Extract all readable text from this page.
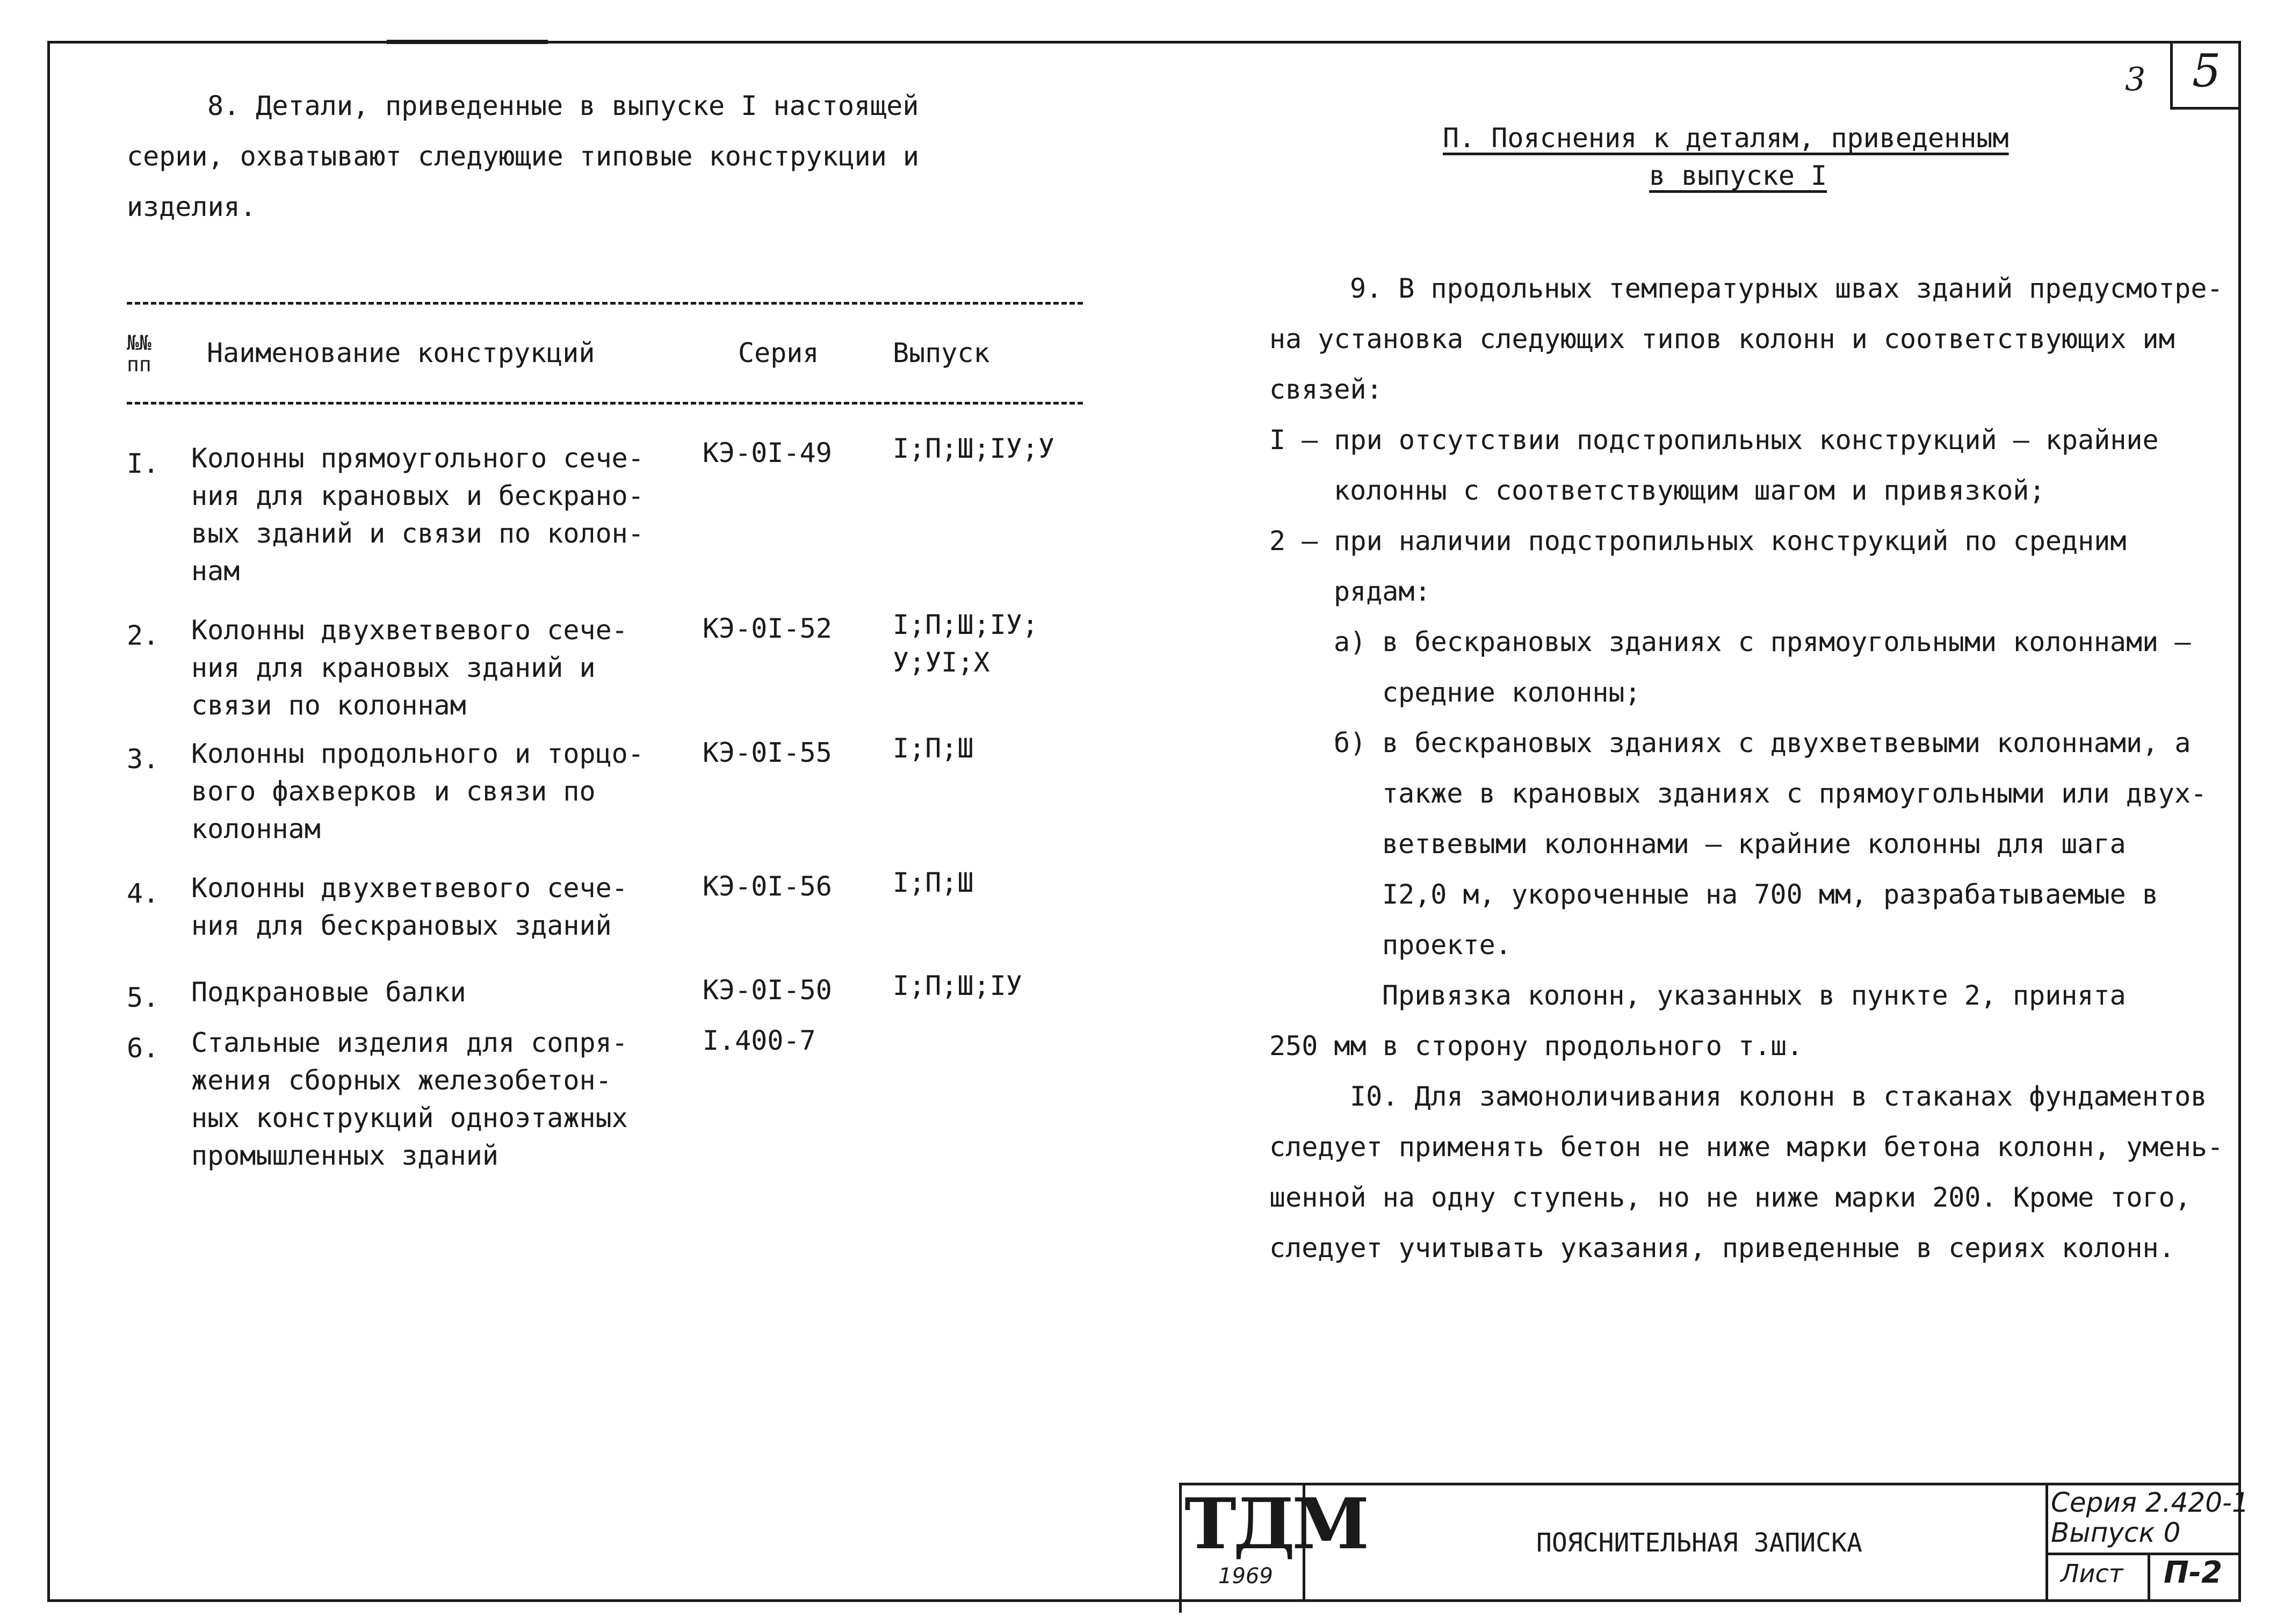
3 5
8. Детали, приведенные в выпуске I настоящей
серии, охватывают следующие типовые конструкции и
изделия.
№№
пп Наименование конструкций	Серия	Выпуск
I. Колонны прямоугольного сече-
ния для крановых и бескрано-
вых зданий и связи по колон-
нам
КЭ-0I-49 I;П;Ш;IУ;У
2. Колонны двухветвевого сече-
ния для крановых зданий и
связи по колоннам
КЭ-0I-52 I;П;Ш;IУ;
У;УI;Х
3. Колонны продольного и торцо-
вого фахверков и связи по
колоннам
КЭ-0I-55 I;П;Ш
4. Колонны двухветвевого сече-
ния для бескрановых зданий
КЭ-0I-56 I;П;Ш
5. Подкрановые балки	КЭ-0I-50 I;П;Ш;IУ
6. Стальные изделия для сопря-
жения сборных железобетон-
ных конструкций одноэтажных
промышленных зданий
I.400-7
П. Пояснения к деталям, приведенным
в выпуске I
9. В продольных температурных швах зданий предусмотре-
на установка следующих типов колонн и соответствующих им
связей:
I – при отсутствии подстропильных конструкций – крайние
колонны с соответствующим шагом и привязкой;
2 – при наличии подстропильных конструкций по средним
рядам:
а) в бескрановых зданиях с прямоугольными колоннами –
средние колонны;
б) в бескрановых зданиях с двухветвевыми колоннами, а
также в крановых зданиях с прямоугольными или двух-
ветвевыми колоннами – крайние колонны для шага
I2,0 м, укороченные на 700 мм, разрабатываемые в
проекте.
Привязка колонн, указанных в пункте 2, принята
250 мм в сторону продольного т.ш.
I0. Для замоноличивания колонн в стаканах фундаментов
следует применять бетон не ниже марки бетона колонн, умень-
шенной на одну ступень, но не ниже марки 200. Кроме того,
следует учитывать указания, приведенные в сериях колонн.
ТДМ
1969
ПОЯСНИТЕЛЬНАЯ ЗАПИСКА
Серия 2.420-1
Выпуск 0
Лист П-2
